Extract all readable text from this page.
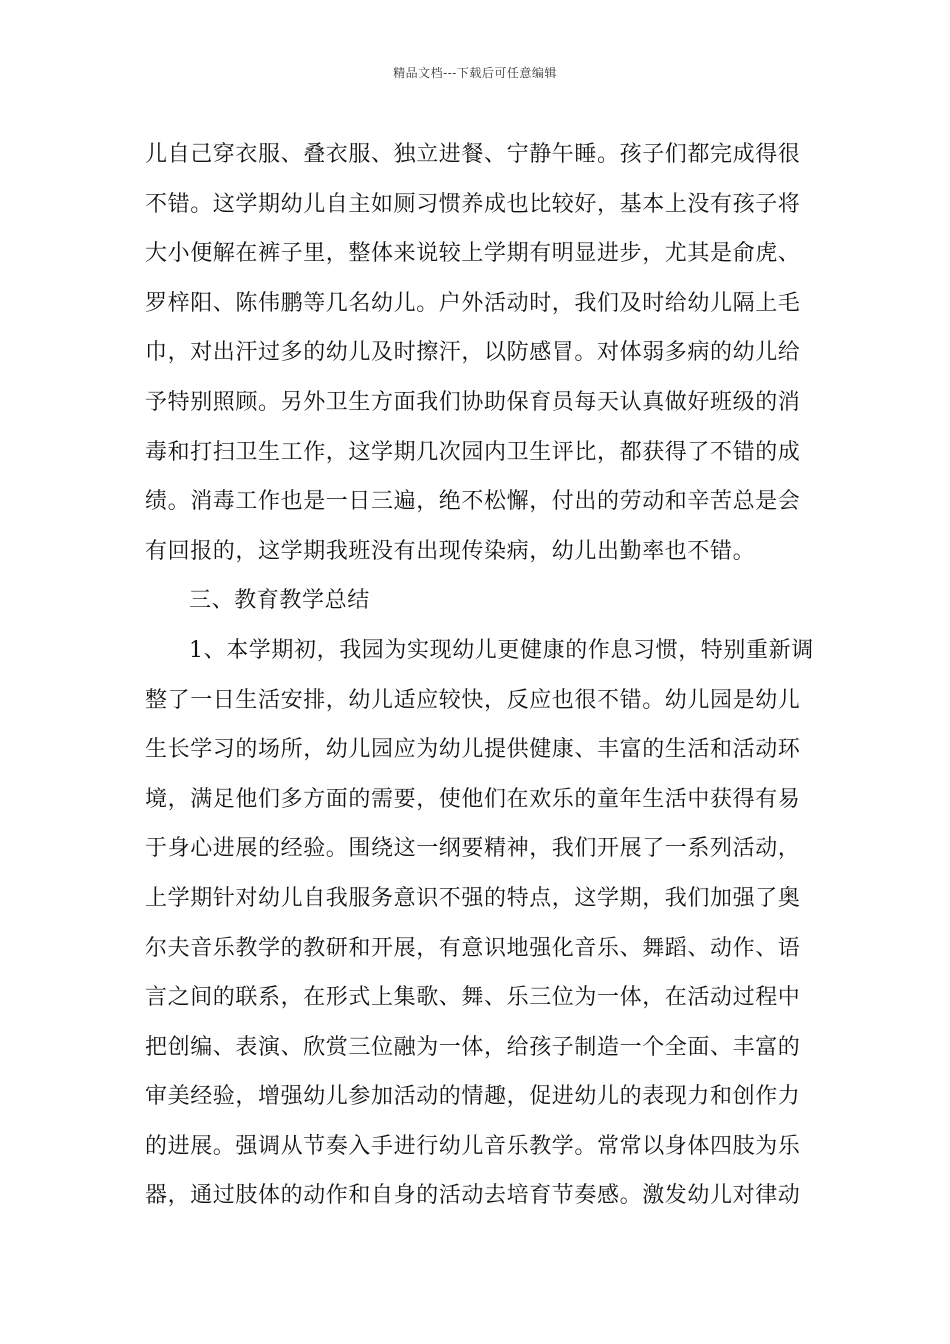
精品文档---下载后可任意编辑
儿自己穿衣服、叠衣服、独立进餐、宁静午睡。孩子们都完成得很
不错。这学期幼儿自主如厕习惯养成也比较好，基本上没有孩子将
大小便解在裤子里，整体来说较上学期有明显进步，尤其是俞虎、
罗梓阳、陈伟鹏等几名幼儿。户外活动时，我们及时给幼儿隔上毛
巾，对出汗过多的幼儿及时擦汗，以防感冒。对体弱多病的幼儿给
予特别照顾。另外卫生方面我们协助保育员每天认真做好班级的消
毒和打扫卫生工作，这学期几次园内卫生评比，都获得了不错的成
绩。消毒工作也是一日三遍，绝不松懈，付出的劳动和辛苦总是会
有回报的，这学期我班没有出现传染病，幼儿出勤率也不错。
三、教育教学总结
1、本学期初，我园为实现幼儿更健康的作息习惯，特别重新调
整了一日生活安排，幼儿适应较快，反应也很不错。幼儿园是幼儿
生长学习的场所，幼儿园应为幼儿提供健康、丰富的生活和活动环
境，满足他们多方面的需要，使他们在欢乐的童年生活中获得有易
于身心进展的经验。围绕这一纲要精神，我们开展了一系列活动，
上学期针对幼儿自我服务意识不强的特点，这学期，我们加强了奥
尔夫音乐教学的教研和开展，有意识地强化音乐、舞蹈、动作、语
言之间的联系，在形式上集歌、舞、乐三位为一体，在活动过程中
把创编、表演、欣赏三位融为一体，给孩子制造一个全面、丰富的
审美经验，增强幼儿参加活动的情趣，促进幼儿的表现力和创作力
的进展。强调从节奏入手进行幼儿音乐教学。常常以身体四肢为乐
器，通过肢体的动作和自身的活动去培育节奏感。激发幼儿对律动
